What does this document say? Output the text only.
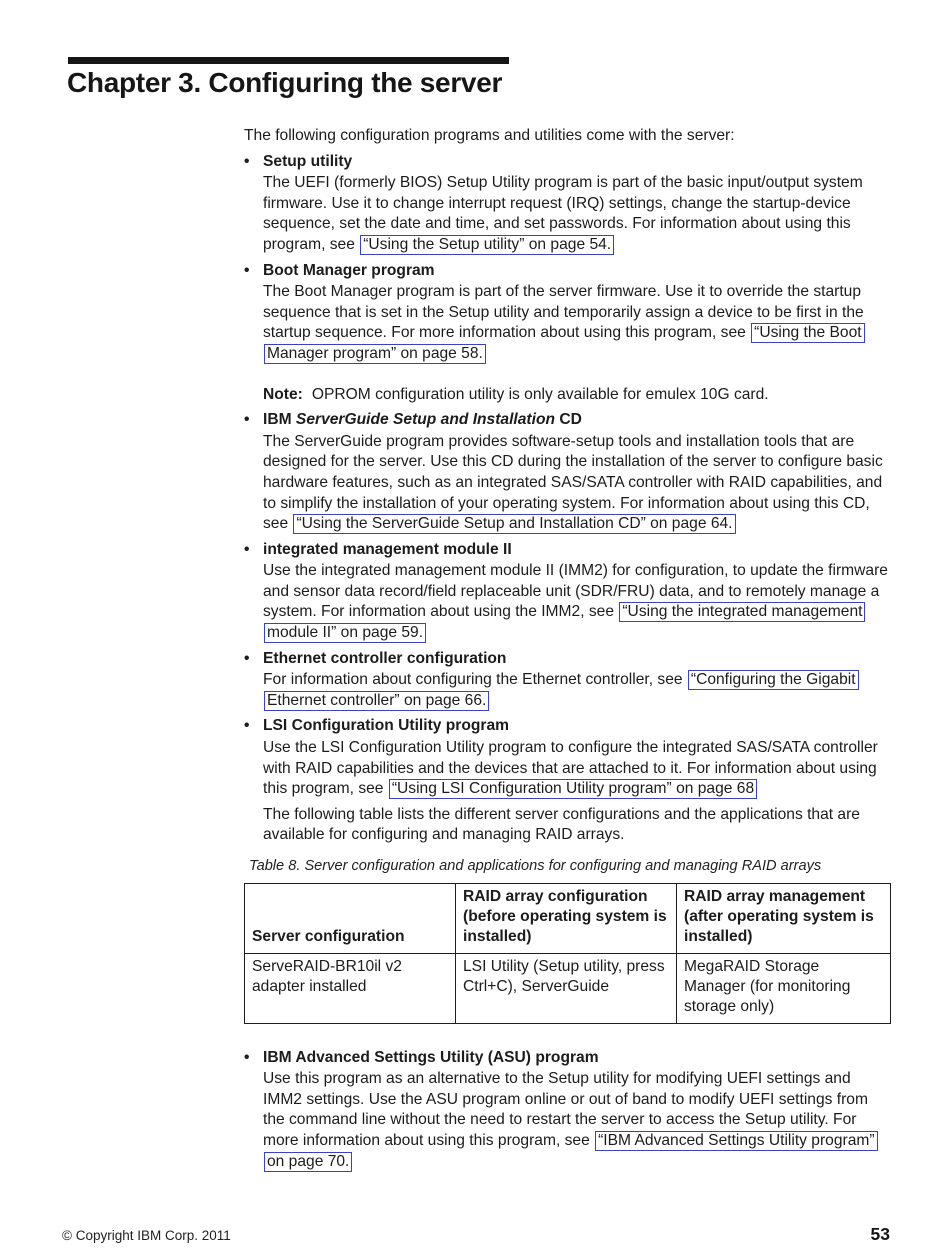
Chapter 3. Configuring the server

The following configuration programs and utilities come with the server:

• Setup utility

The UEFI (formerly BIOS) Setup Utility program is part of the basic input/output system firmware. Use it to change interrupt request (IRQ) settings, change the startup-device sequence, set the date and time, and set passwords. For information about using this program, see “Using the Setup utility” on page 54.

• Boot Manager program

The Boot Manager program is part of the server firmware. Use it to override the startup sequence that is set in the Setup utility and temporarily assign a device to be first in the startup sequence. For more information about using this program, see “Using the Boot Manager program” on page 58.

Note: OPROM configuration utility is only available for emulex 10G card.

• IBM ServerGuide Setup and Installation CD

The ServerGuide program provides software-setup tools and installation tools that are designed for the server. Use this CD during the installation of the server to configure basic hardware features, such as an integrated SAS/SATA controller with RAID capabilities, and to simplify the installation of your operating system. For information about using this CD, see “Using the ServerGuide Setup and Installation CD” on page 64.

• integrated management module II

Use the integrated management module II (IMM2) for configuration, to update the firmware and sensor data record/field replaceable unit (SDR/FRU) data, and to remotely manage a system. For information about using the IMM2, see “Using the integrated management module II” on page 59.

• Ethernet controller configuration

For information about configuring the Ethernet controller, see “Configuring the Gigabit Ethernet controller” on page 66.

• LSI Configuration Utility program

Use the LSI Configuration Utility program to configure the integrated SAS/SATA controller with RAID capabilities and the devices that are attached to it. For information about using this program, see “Using LSI Configuration Utility program” on page 68

The following table lists the different server configurations and the applications that are available for configuring and managing RAID arrays.

Table 8. Server configuration and applications for configuring and managing RAID arrays

Server configuration	RAID array configuration (before operating system is installed)	RAID array management (after operating system is installed)
ServeRAID-BR10il v2 adapter installed	LSI Utility (Setup utility, press Ctrl+C), ServerGuide	MegaRAID Storage Manager (for monitoring storage only)
• IBM Advanced Settings Utility (ASU) program

Use this program as an alternative to the Setup utility for modifying UEFI settings and IMM2 settings. Use the ASU program online or out of band to modify UEFI settings from the command line without the need to restart the server to access the Setup utility. For more information about using this program, see “IBM Advanced Settings Utility program” on page 70.

© Copyright IBM Corp. 2011	53
